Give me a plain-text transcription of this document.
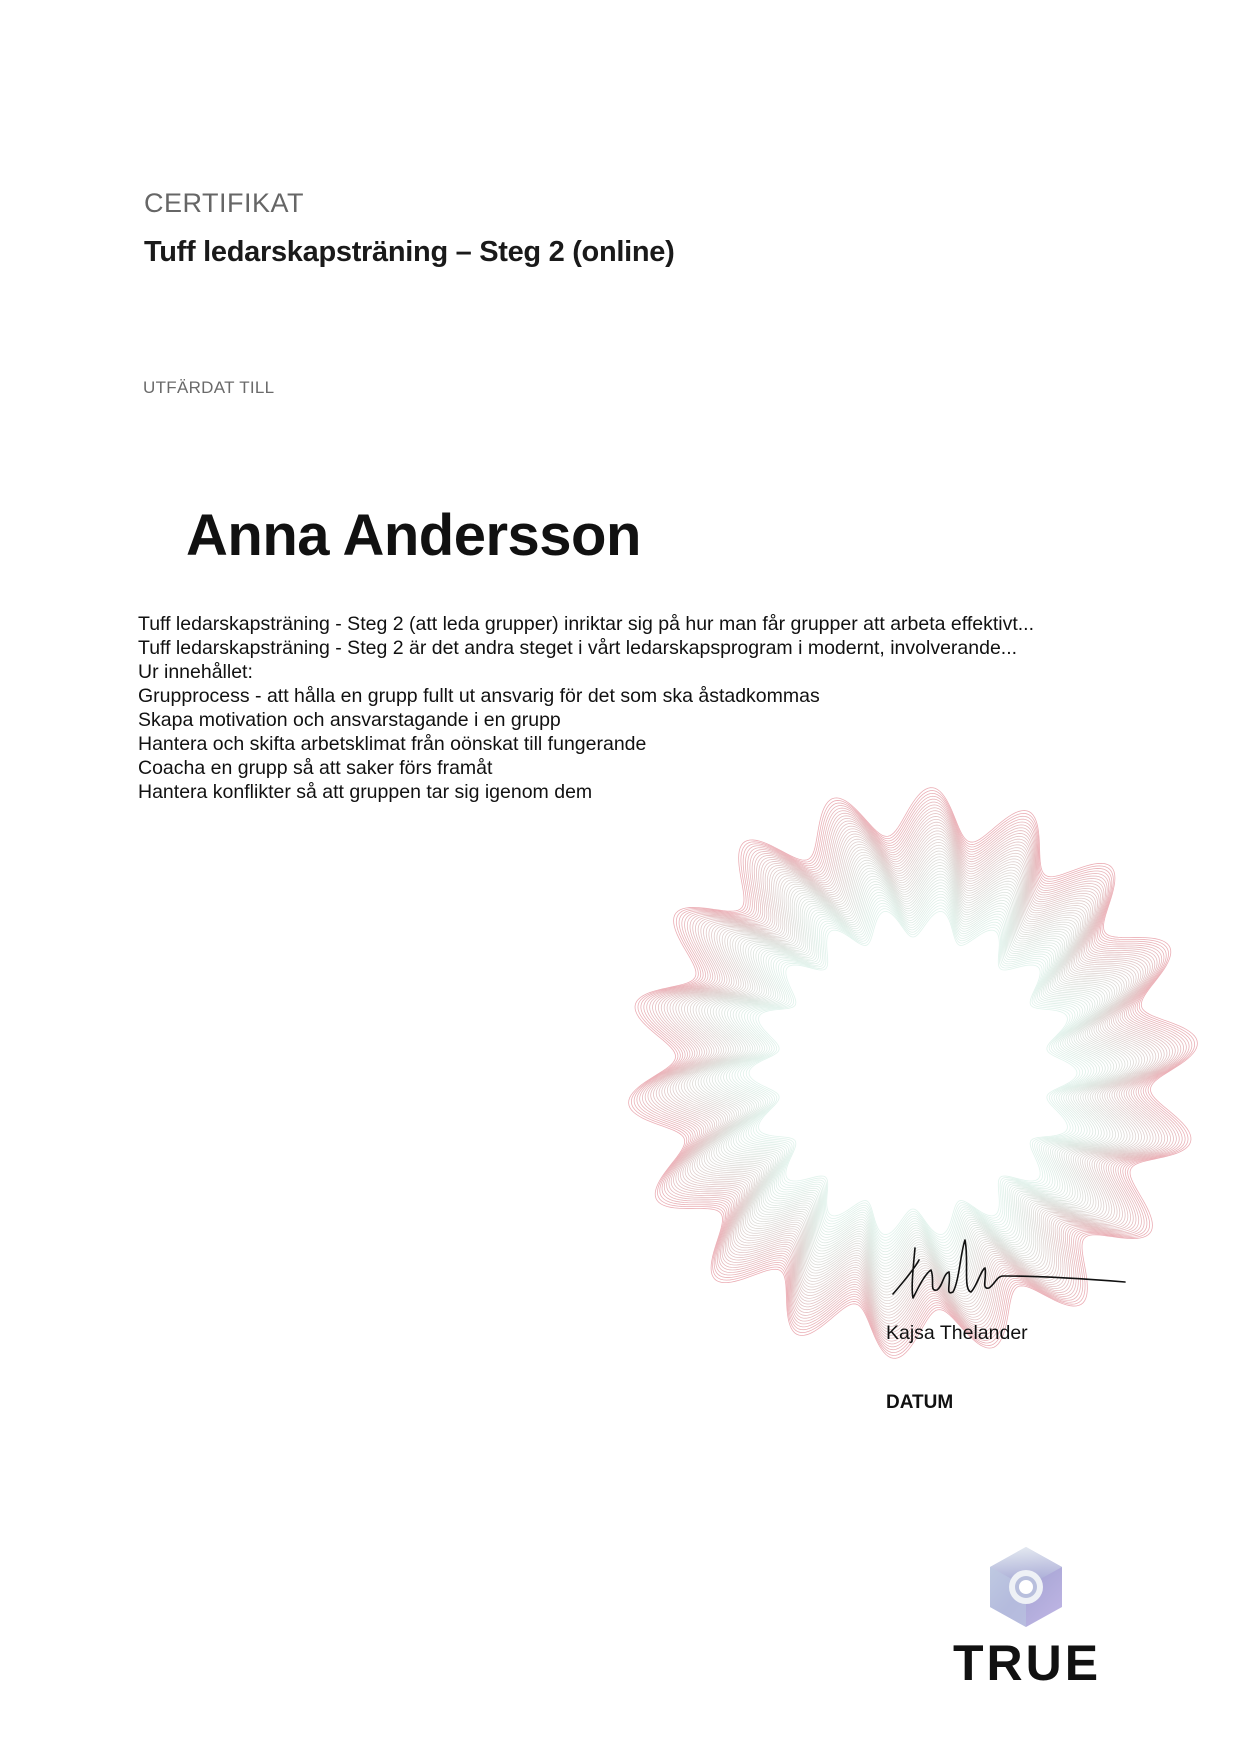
CERTIFIKAT
Tuff ledarskapsträning – Steg 2 (online)
UTFÄRDAT TILL
Anna Andersson
Tuff ledarskapsträning - Steg 2 (att leda grupper) inriktar sig på hur man får grupper att arbeta effektivt...
Tuff ledarskapsträning - Steg 2 är det andra steget i vårt ledarskapsprogram i modernt, involverande...
Ur innehållet:
Grupprocess - att hålla en grupp fullt ut ansvarig för det som ska åstadkommas
Skapa motivation och ansvarstagande i en grupp
Hantera och skifta arbetsklimat från oönskat till fungerande
Coacha en grupp så att saker förs framåt
Hantera konflikter så att gruppen tar sig igenom dem
Kajsa Thelander
DATUM
TRUE
